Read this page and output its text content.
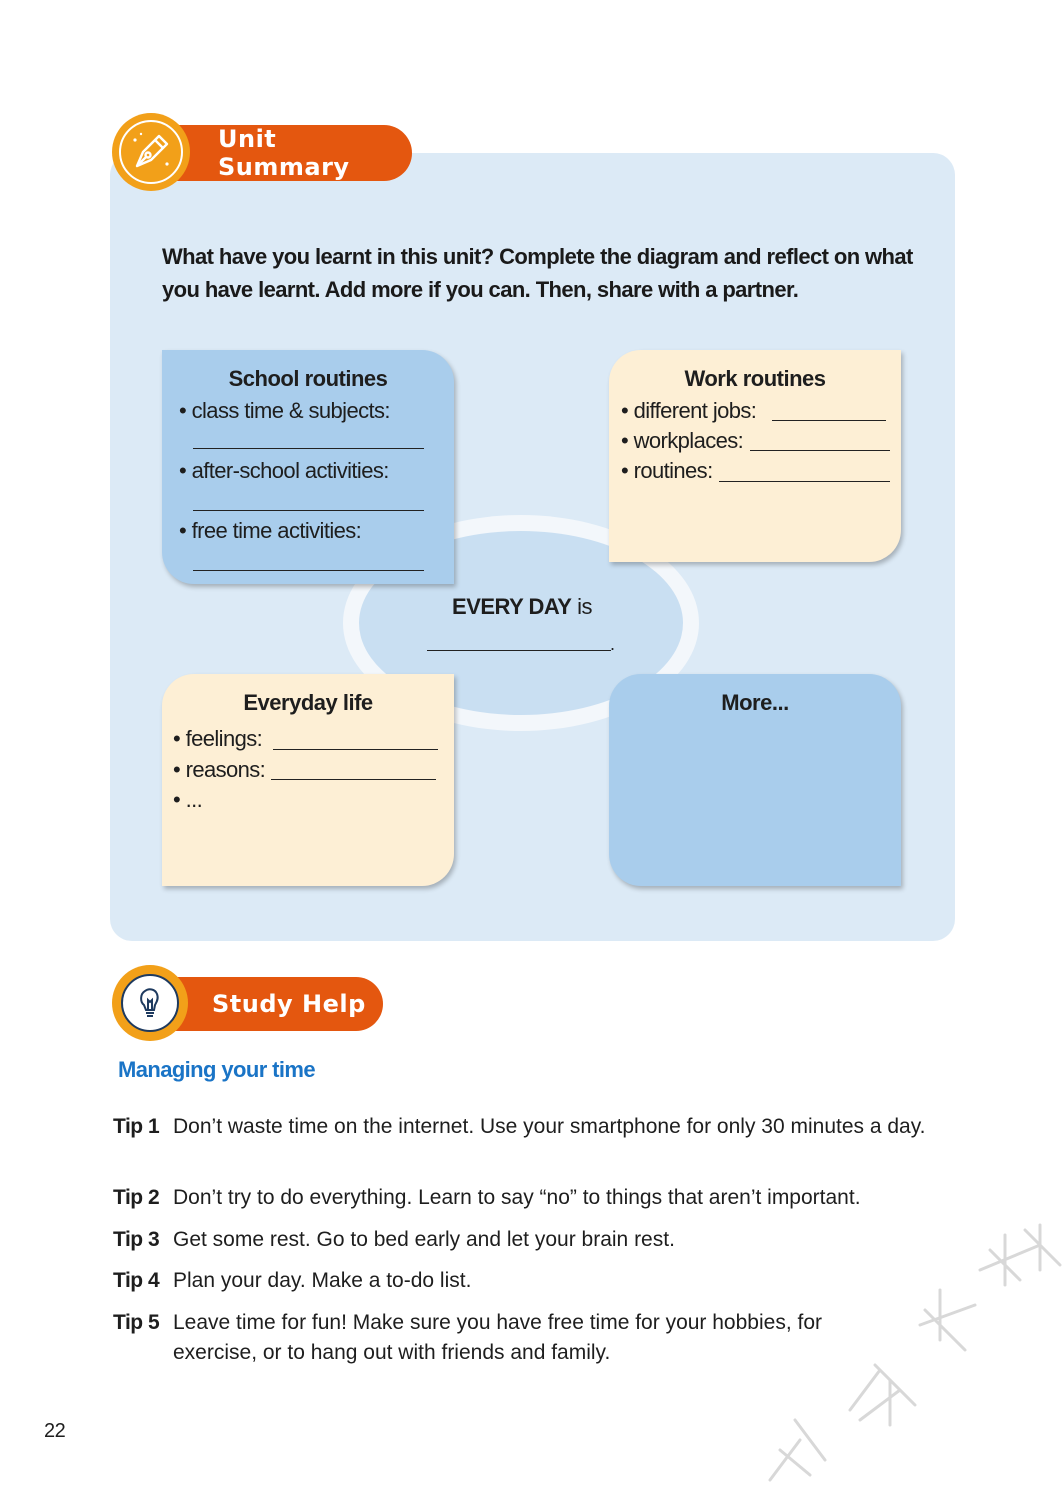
Unit Summary
What have you learnt in this unit? Complete the diagram and reflect on what
you have learnt. Add more if you can. Then, share with a partner.
School routines
• class time & subjects:
• after-school activities:
• free time activities:
Work routines
• different jobs:
• workplaces:
• routines:
Everyday life
• feelings:
• reasons:
• ...
More...
EVERY DAY is
.
Study Help
Managing your time
Tip 1 Don’t waste time on the internet. Use your smartphone for only 30 minutes a day.
Tip 2 Don’t try to do everything. Learn to say “no” to things that aren’t important.
Tip 3 Get some rest. Go to bed early and let your brain rest.
Tip 4 Plan your day. Make a to-do list.
Tip 5 Leave time for fun! Make sure you have free time for your hobbies, for exercise, or to hang out with friends and family.
22
